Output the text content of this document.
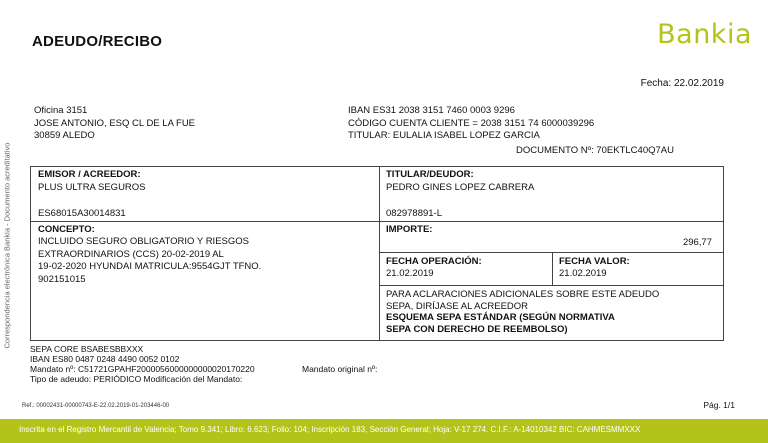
ADEUDO/RECIBO	Bankia
Fecha: 22.02.2019
Correspondencia electrónica Bankia - Documento acreditativo
Oficina 3151
JOSE ANTONIO, ESQ CL DE LA FUE
30859 ALEDO
IBAN ES31 2038 3151 7460 0003 9296
CÓDIGO CUENTA CLIENTE = 2038 3151 74 6000039296
TITULAR: EULALIA ISABEL LOPEZ GARCIA
DOCUMENTO Nº: 70EKTLC40Q7AU
EMISOR / ACREEDOR:
PLUS ULTRA SEGUROS
ES68015A30014831
TITULAR/DEUDOR:
PEDRO GINES LOPEZ CABRERA
082978891-L
CONCEPTO:
INCLUIDO SEGURO OBLIGATORIO Y RIESGOS
EXTRAORDINARIOS (CCS) 20-02-2019 AL
19-02-2020 HYUNDAI MATRICULA:9554GJT TFNO.
902151015
IMPORTE:
296,77
FECHA OPERACIÓN:
21.02.2019
FECHA VALOR:
21.02.2019
PARA ACLARACIONES ADICIONALES SOBRE ESTE ADEUDO
SEPA, DIRÍJASE AL ACREEDOR
ESQUEMA SEPA ESTÁNDAR (SEGÚN NORMATIVA
SEPA CON DERECHO DE REEMBOLSO)
SEPA CORE BSABESBBXXX
IBAN ES80 0487 0248 4490 0052 0102
Mandato nº: C51721GPAHF2000056000000000020170220
Tipo de adeudo: PERIÓDICO Modificación del Mandato:
Mandato original nº:
Ref.: 00002431-00000743-E-22.02.2019-01-203446-00	Pág. 1/1
Inscrita en el Registro Mercantil de Valencia; Tomo 9.341; Libro: 6.623; Folio: 104; Inscripción 183, Sección General; Hoja: V-17 274. C.I.F.: A-14010342 BIC: CAHMESMMXXX
